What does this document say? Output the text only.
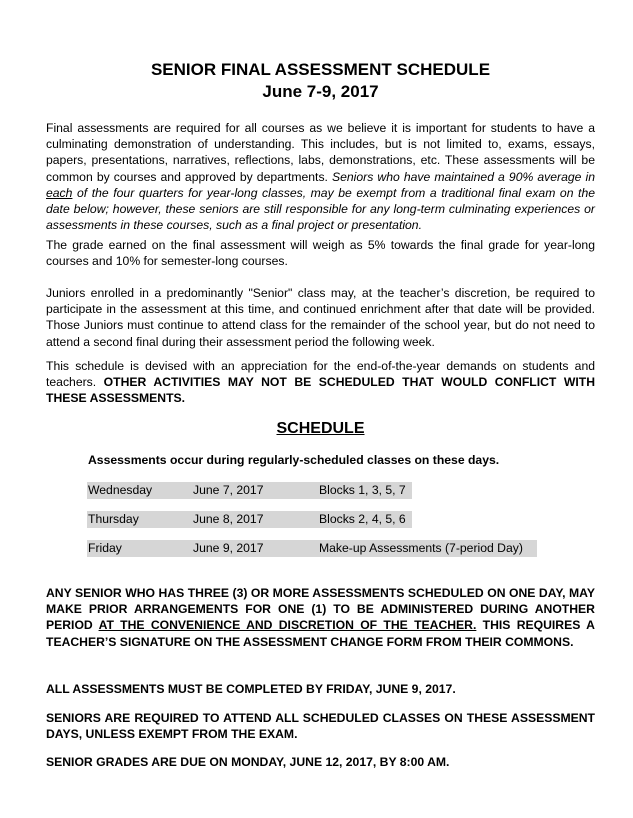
SENIOR FINAL ASSESSMENT SCHEDULE
June 7-9, 2017

Final assessments are required for all courses as we believe it is important for students to have a culminating demonstration of understanding. This includes, but is not limited to, exams, essays, papers, presentations, narratives, reflections, labs, demonstrations, etc. These assessments will be common by courses and approved by departments. Seniors who have maintained a 90% average in each of the four quarters for year-long classes, may be exempt from a traditional final exam on the date below; however, these seniors are still responsible for any long-term culminating experiences or assessments in these courses, such as a final project or presentation.

The grade earned on the final assessment will weigh as 5% towards the final grade for year-long courses and 10% for semester-long courses.

Juniors enrolled in a predominantly "Senior" class may, at the teacher’s discretion, be required to participate in the assessment at this time, and continued enrichment after that date will be provided. Those Juniors must continue to attend class for the remainder of the school year, but do not need to attend a second final during their assessment period the following week.

This schedule is devised with an appreciation for the end-of-the-year demands on students and teachers. OTHER ACTIVITIES MAY NOT BE SCHEDULED THAT WOULD CONFLICT WITH THESE ASSESSMENTS.

SCHEDULE
Assessments occur during regularly-scheduled classes on these days.
Wednesday	June 7, 2017	Blocks 1, 3, 5, 7
Thursday	June 8, 2017	Blocks 2, 4, 5, 6
Friday	June 9, 2017	Make-up Assessments (7-period Day)

ANY SENIOR WHO HAS THREE (3) OR MORE ASSESSMENTS SCHEDULED ON ONE DAY, MAY MAKE PRIOR ARRANGEMENTS FOR ONE (1) TO BE ADMINISTERED DURING ANOTHER PERIOD AT THE CONVENIENCE AND DISCRETION OF THE TEACHER. THIS REQUIRES A TEACHER’S SIGNATURE ON THE ASSESSMENT CHANGE FORM FROM THEIR COMMONS.

ALL ASSESSMENTS MUST BE COMPLETED BY FRIDAY, JUNE 9, 2017.

SENIORS ARE REQUIRED TO ATTEND ALL SCHEDULED CLASSES ON THESE ASSESSMENT DAYS, UNLESS EXEMPT FROM THE EXAM.

SENIOR GRADES ARE DUE ON MONDAY, JUNE 12, 2017, BY 8:00 AM.
